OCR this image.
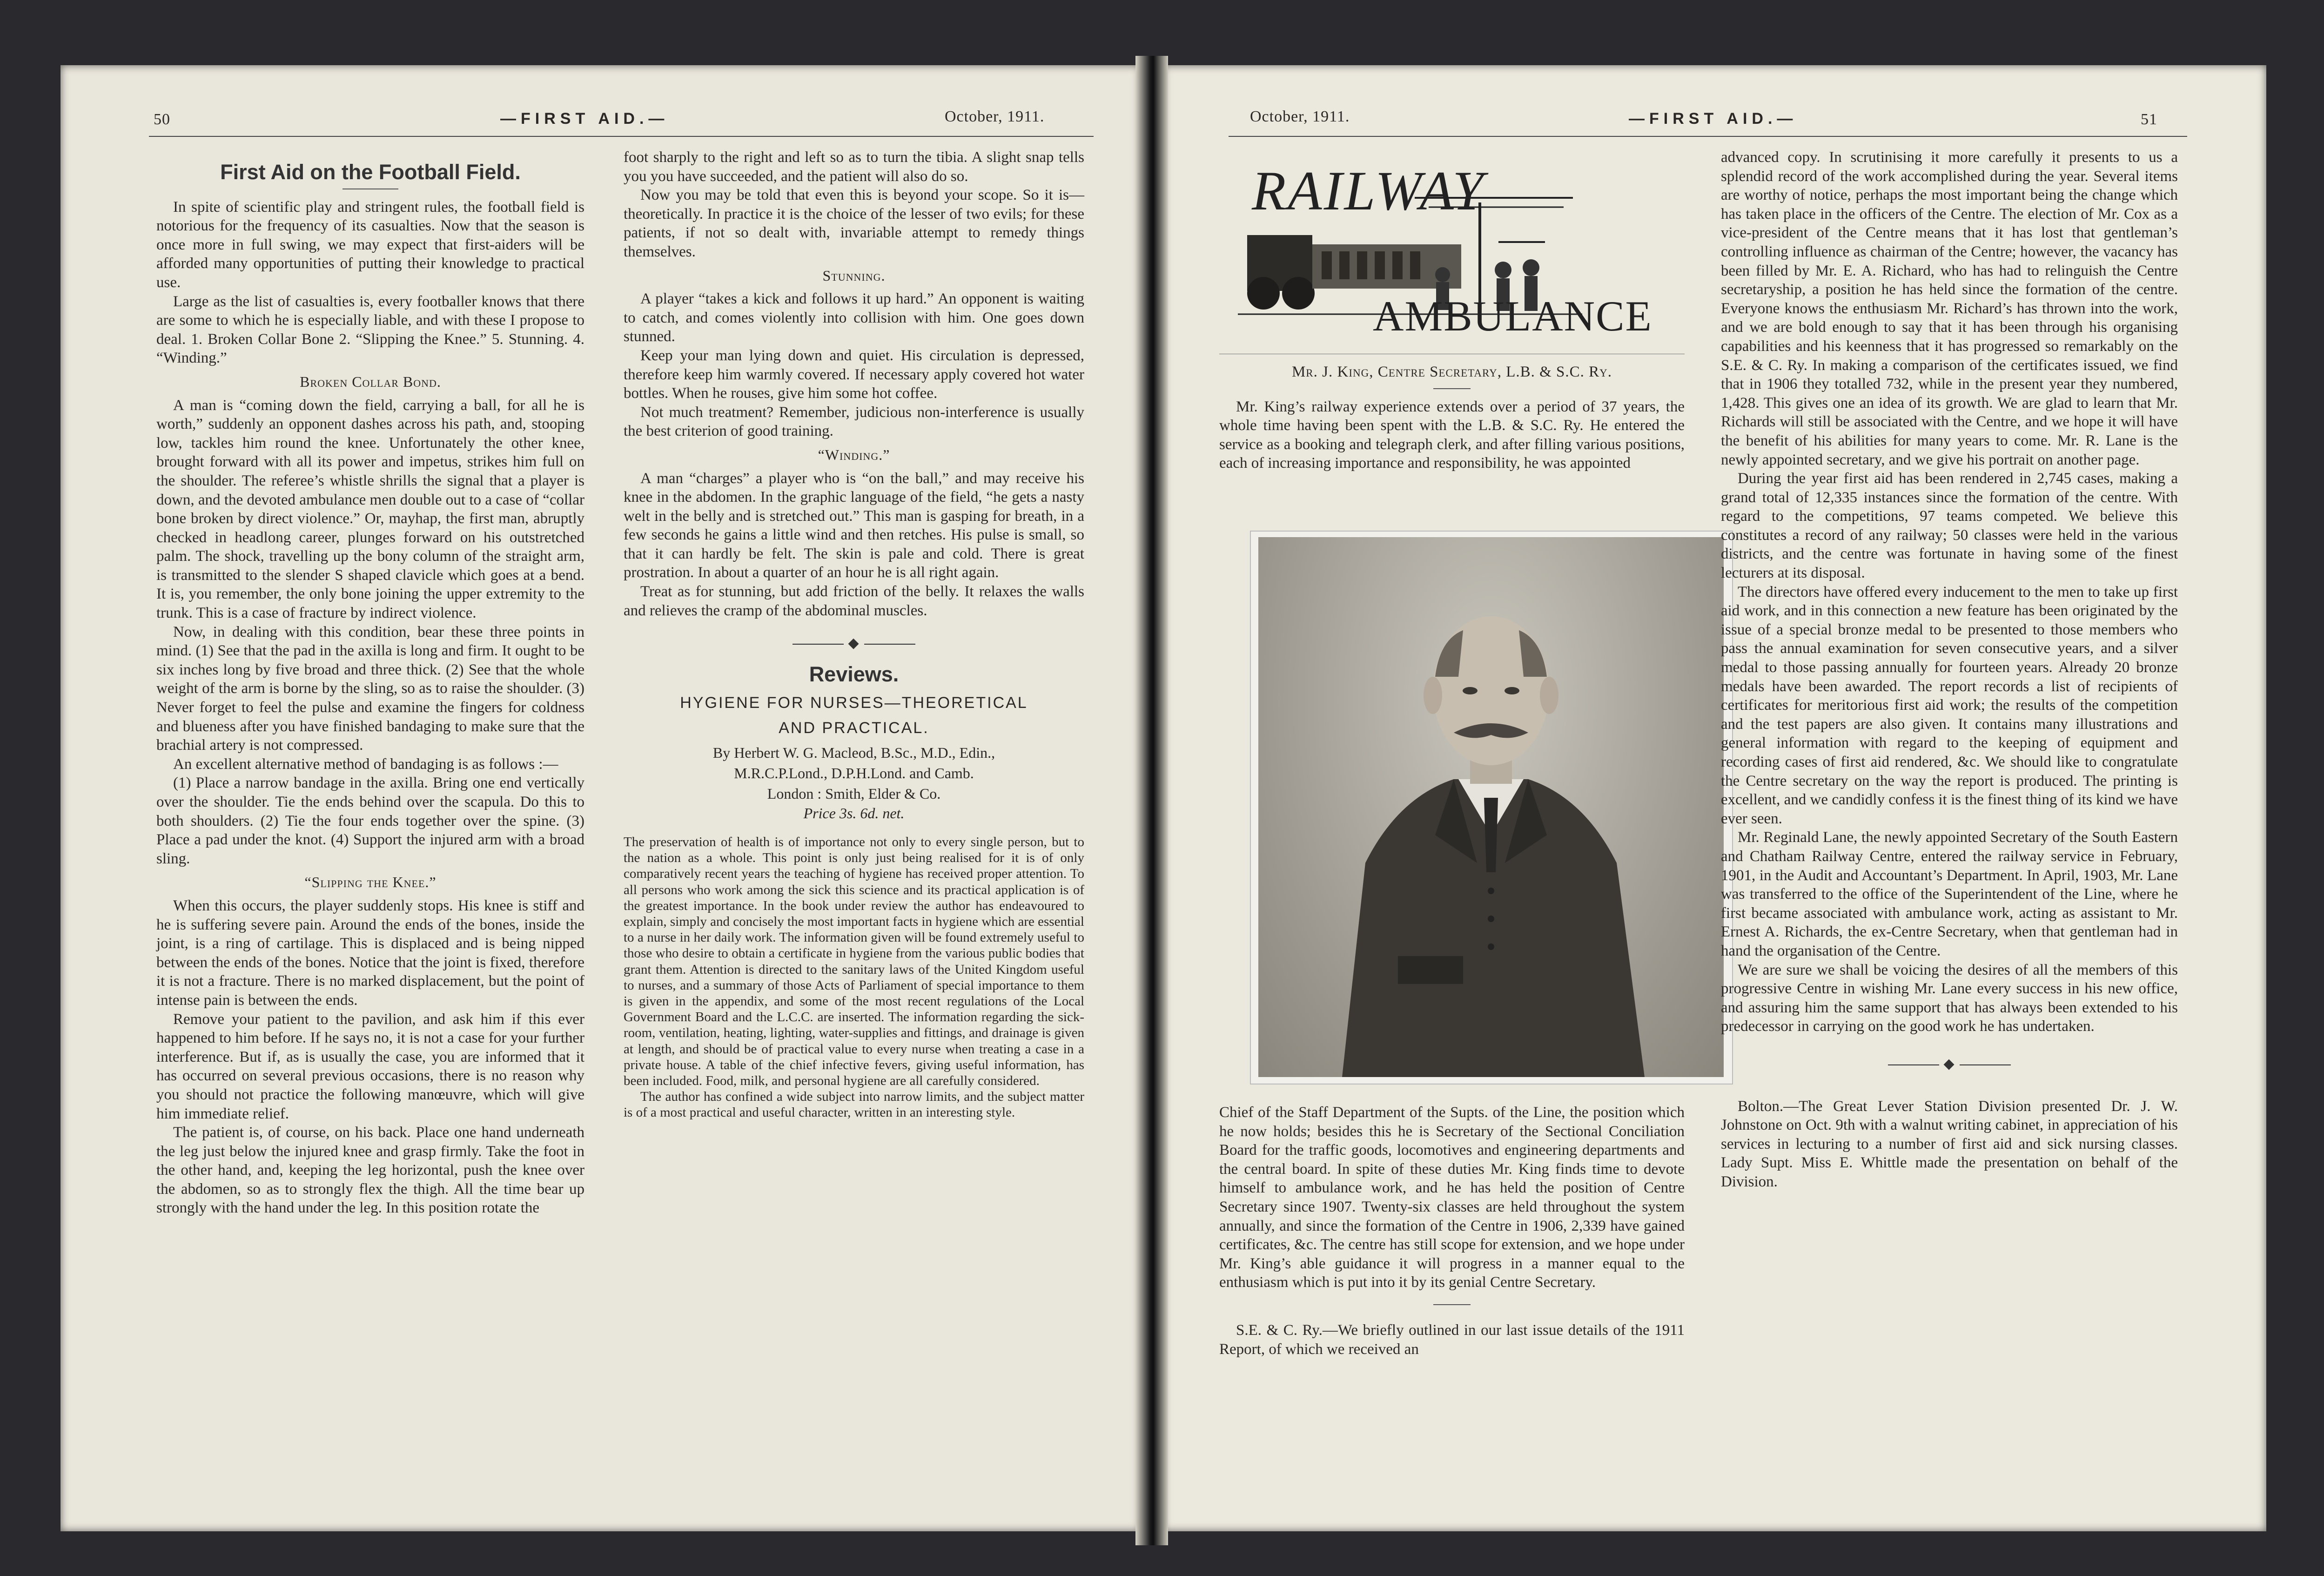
50	—FIRST AID.—	October, 1911.
First Aid on the Football Field.

In spite of scientific play and stringent rules, the football field is notorious for the frequency of its casualties. Now that the season is once more in full swing, we may expect that first-aiders will be afforded many opportunities of putting their knowledge to practical use.

Large as the list of casualties is, every footballer knows that there are some to which he is especially liable, and with these I propose to deal. 1. Broken Collar Bone 2. “Slipping the Knee.” 5. Stunning. 4. “Winding.”

Broken Collar Bond.

A man is “coming down the field, carrying a ball, for all he is worth,” suddenly an opponent dashes across his path, and, stooping low, tackles him round the knee. Unfortunately the other knee, brought forward with all its power and impetus, strikes him full on the shoulder. The referee’s whistle shrills the signal that a player is down, and the devoted ambulance men double out to a case of “collar bone broken by direct violence.” Or, mayhap, the first man, abruptly checked in headlong career, plunges forward on his outstretched palm. The shock, travelling up the bony column of the straight arm, is transmitted to the slender S shaped clavicle which goes at a bend. It is, you remember, the only bone joining the upper extremity to the trunk. This is a case of fracture by indirect violence.

Now, in dealing with this condition, bear these three points in mind. (1) See that the pad in the axilla is long and firm. It ought to be six inches long by five broad and three thick. (2) See that the whole weight of the arm is borne by the sling, so as to raise the shoulder. (3) Never forget to feel the pulse and examine the fingers for coldness and blueness after you have finished bandaging to make sure that the brachial artery is not compressed.

An excellent alternative method of bandaging is as follows :—

(1) Place a narrow bandage in the axilla. Bring one end vertically over the shoulder. Tie the ends behind over the scapula. Do this to both shoulders. (2) Tie the four ends together over the spine. (3) Place a pad under the knot. (4) Support the injured arm with a broad sling.

“Slipping the Knee.”

When this occurs, the player suddenly stops. His knee is stiff and he is suffering severe pain. Around the ends of the bones, inside the joint, is a ring of cartilage. This is displaced and is being nipped between the ends of the bones. Notice that the joint is fixed, therefore it is not a fracture. There is no marked displacement, but the point of intense pain is between the ends.

Remove your patient to the pavilion, and ask him if this ever happened to him before. If he says no, it is not a case for your further interference. But if, as is usually the case, you are informed that it has occurred on several previous occasions, there is no reason why you should not practice the following manœuvre, which will give him immediate relief.

The patient is, of course, on his back. Place one hand underneath the leg just below the injured knee and grasp firmly. Take the foot in the other hand, and, keeping the leg horizontal, push the knee over the abdomen, so as to strongly flex the thigh. All the time bear up strongly with the hand under the leg. In this position rotate the

foot sharply to the right and left so as to turn the tibia. A slight snap tells you you have succeeded, and the patient will also do so.

Now you may be told that even this is beyond your scope. So it is—theoretically. In practice it is the choice of the lesser of two evils; for these patients, if not so dealt with, invariable attempt to remedy things themselves.

Stunning.

A player “takes a kick and follows it up hard.” An opponent is waiting to catch, and comes violently into collision with him. One goes down stunned.

Keep your man lying down and quiet. His circulation is depressed, therefore keep him warmly covered. If necessary apply covered hot water bottles. When he rouses, give him some hot coffee.

Not much treatment? Remember, judicious non-interference is usually the best criterion of good training.

“Winding.”

A man “charges” a player who is “on the ball,” and may receive his knee in the abdomen. In the graphic language of the field, “he gets a nasty welt in the belly and is stretched out.” This man is gasping for breath, in a few seconds he gains a little wind and then retches. His pulse is small, so that it can hardly be felt. The skin is pale and cold. There is great prostration. In about a quarter of an hour he is all right again.

Treat as for stunning, but add friction of the belly. It relaxes the walls and relieves the cramp of the abdominal muscles.

◆
Reviews.
HYGIENE FOR NURSES—THEORETICAL
AND PRACTICAL.
By Herbert W. G. Macleod, B.Sc., M.D., Edin.,
M.R.C.P.Lond., D.P.H.Lond. and Camb.
London : Smith, Elder & Co.
Price 3s. 6d. net.

The preservation of health is of importance not only to every single person, but to the nation as a whole. This point is only just being realised for it is of only comparatively recent years the teaching of hygiene has received proper attention. To all persons who work among the sick this science and its practical application is of the greatest importance. In the book under review the author has endeavoured to explain, simply and concisely the most important facts in hygiene which are essential to a nurse in her daily work. The information given will be found extremely useful to those who desire to obtain a certificate in hygiene from the various public bodies that grant them. Attention is directed to the sanitary laws of the United Kingdom useful to nurses, and a summary of those Acts of Parliament of special importance to them is given in the appendix, and some of the most recent regulations of the Local Government Board and the L.C.C. are inserted. The information regarding the sick-room, ventilation, heating, lighting, water-supplies and fittings, and drainage is given at length, and should be of practical value to every nurse when treating a case in a private house. A table of the chief infective fevers, giving useful information, has been included. Food, milk, and personal hygiene are all carefully considered.

The author has confined a wide subject into narrow limits, and the subject matter is of a most practical and useful character, written in an interesting style.

October, 1911.	—FIRST AID.—	51
RAILWAY
AMBULANCE
Mr. J. King, Centre Secretary, L.B. & S.C. Ry.

Mr. King’s railway experience extends over a period of 37 years, the whole time having been spent with the L.B. & S.C. Ry. He entered the service as a booking and telegraph clerk, and after filling various positions, each of increasing importance and responsibility, he was appointed

Chief of the Staff Department of the Supts. of the Line, the position which he now holds; besides this he is Secretary of the Sectional Conciliation Board for the traffic goods, locomotives and engineering departments and the central board. In spite of these duties Mr. King finds time to devote himself to ambulance work, and he has held the position of Centre Secretary since 1907. Twenty-six classes are held throughout the system annually, and since the formation of the Centre in 1906, 2,339 have gained certificates, &c. The centre has still scope for extension, and we hope under Mr. King’s able guidance it will progress in a manner equal to the enthusiasm which is put into it by its genial Centre Secretary.

S.E. & C. Ry.—We briefly outlined in our last issue details of the 1911 Report, of which we received an

advanced copy. In scrutinising it more carefully it presents to us a splendid record of the work accomplished during the year. Several items are worthy of notice, perhaps the most important being the change which has taken place in the officers of the Centre. The election of Mr. Cox as a vice-president of the Centre means that it has lost that gentleman’s controlling influence as chairman of the Centre; however, the vacancy has been filled by Mr. E. A. Richard, who has had to relinguish the Centre secretaryship, a position he has held since the formation of the centre. Everyone knows the enthusiasm Mr. Richard’s has thrown into the work, and we are bold enough to say that it has been through his organising capabilities and his keenness that it has progressed so remarkably on the S.E. & C. Ry. In making a comparison of the certificates issued, we find that in 1906 they totalled 732, while in the present year they numbered, 1,428. This gives one an idea of its growth. We are glad to learn that Mr. Richards will still be associated with the Centre, and we hope it will have the benefit of his abilities for many years to come. Mr. R. Lane is the newly appointed secretary, and we give his portrait on another page.

During the year first aid has been rendered in 2,745 cases, making a grand total of 12,335 instances since the formation of the centre. With regard to the competitions, 97 teams competed. We believe this constitutes a record of any railway; 50 classes were held in the various districts, and the centre was fortunate in having some of the finest lecturers at its disposal.

The directors have offered every inducement to the men to take up first aid work, and in this connection a new feature has been originated by the issue of a special bronze medal to be presented to those members who pass the annual examination for seven consecutive years, and a silver medal to those passing annually for fourteen years. Already 20 bronze medals have been awarded. The report records a list of recipients of certificates for meritorious first aid work; the results of the competition and the test papers are also given. It contains many illustrations and general information with regard to the keeping of equipment and recording cases of first aid rendered, &c. We should like to congratulate the Centre secretary on the way the report is produced. The printing is excellent, and we candidly confess it is the finest thing of its kind we have ever seen.

Mr. Reginald Lane, the newly appointed Secretary of the South Eastern and Chatham Railway Centre, entered the railway service in February, 1901, in the Audit and Accountant’s Department. In April, 1903, Mr. Lane was transferred to the office of the Superintendent of the Line, where he first became associated with ambulance work, acting as assistant to Mr. Ernest A. Richards, the ex-Centre Secretary, when that gentleman had in hand the organisation of the Centre.

We are sure we shall be voicing the desires of all the members of this progressive Centre in wishing Mr. Lane every success in his new office, and assuring him the same support that has always been extended to his predecessor in carrying on the good work he has undertaken.

◆

Bolton.—The Great Lever Station Division presented Dr. J. W. Johnstone on Oct. 9th with a walnut writing cabinet, in appreciation of his services in lecturing to a number of first aid and sick nursing classes. Lady Supt. Miss E. Whittle made the presentation on behalf of the Division.
